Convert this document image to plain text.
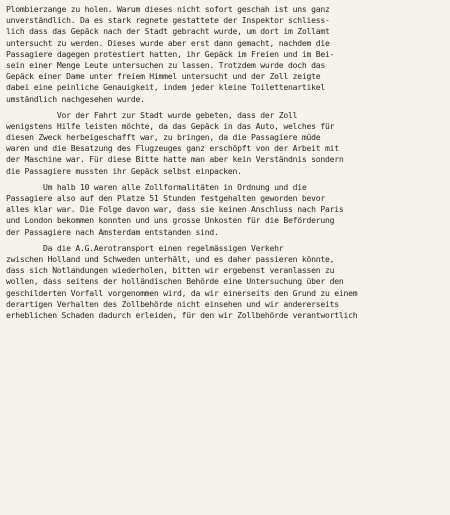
Plombierzange zu holen. Warum dieses nicht sofort geschah ist uns ganz
unverständlich. Da es stark regnete gestattete der Inspektor schliess-
lich dass das Gepäck nach der Stadt gebracht wurde, um dort im Zollamt
untersucht zu werden. Dieses wurde aber erst dann gemacht, nachdem die
Passagiere dagegen protestiert hatten, ihr Gepäck im Freien und im Bei-
sein einer Menge Leute untersuchen zu lassen. Trotzdem wurde doch das
Gepäck einer Dame unter freiem Himmel untersucht und der Zoll zeigte
dabei eine peinliche Genauigkeit, indem jeder kleine Toilettenartikel
umständlich nachgesehen wurde.
Vor der Fahrt zur Stadt wurde gebeten, dass der Zoll
wenigstens Hilfe leisten möchte, da das Gepäck in das Auto, welches für
diesen Zweck herbeigeschafft war, zu bringen, da die Passagiere müde
waren und die Besatzung des Flugzeuges ganz erschöpft von der Arbeit mit
der Maschine war. Für diese Bitte hatte man aber kein Verständnis sondern
die Passagiere mussten ihr Gepäck selbst einpacken.
Um halb 10 waren alle Zollformalitäten in Ordnung und die
Passagiere also auf den Platze 51 Stunden festgehalten geworden bevor
alles klar war. Die Folge davon war, dass sie keinen Anschluss nach Paris
und London bekommen konnten und uns grosse Unkosten für die Beförderung
der Passagiere nach Amsterdam entstanden sind.
Da die A.G.Aerotransport einen regelmässigen Verkehr
zwischen Holland und Schweden unterhält, und es daher passieren könnte,
dass sich Notlandungen wiederholen, bitten wir ergebenst veranlassen zu
wollen, dass seitens der holländischen Behörde eine Untersuchung über den
geschilderten Vorfall vorgenommen wird, da wir einerseits den Grund zu einem
derartigen Verhalten des Zollbehörde nicht einsehen und wir andererseits
erheblichen Schaden dadurch erleiden, für den wir Zollbehörde verantwortlich
